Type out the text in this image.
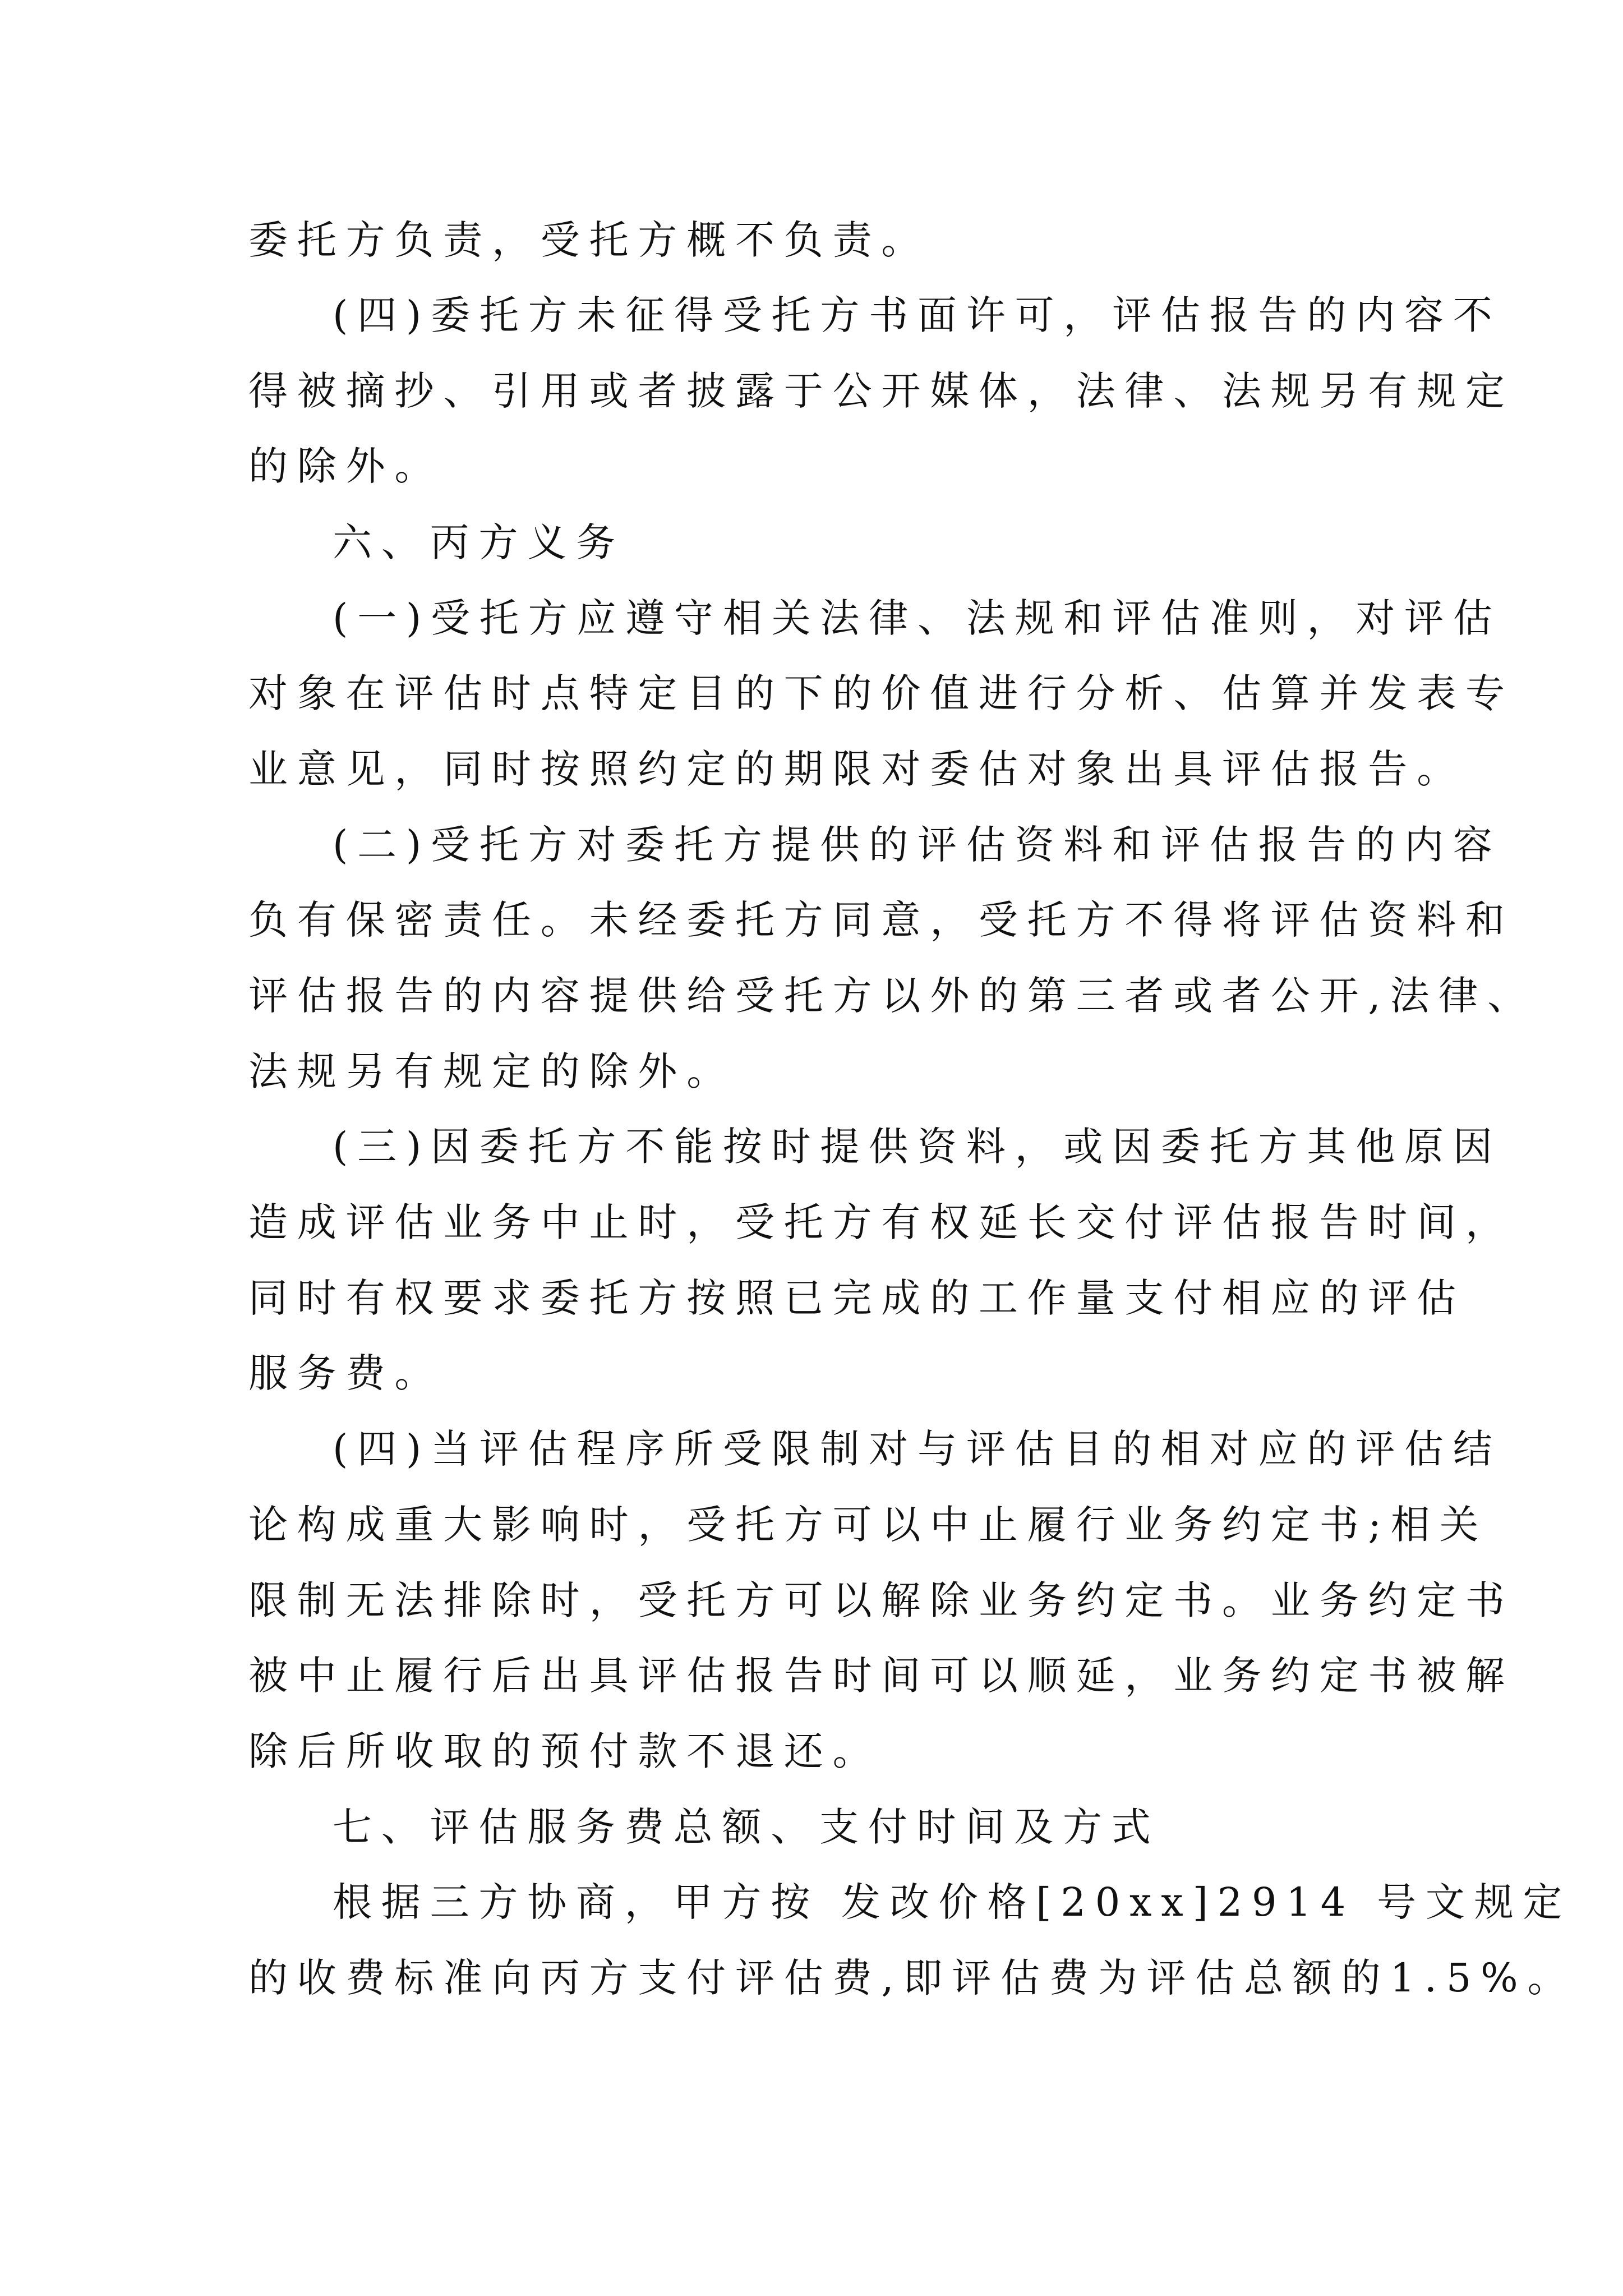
委托方负责，受托方概不负责。
(四)委托方未征得受托方书面许可，评估报告的内容不
得被摘抄、引用或者披露于公开媒体，法律、法规另有规定
的除外。
六、丙方义务
(一)受托方应遵守相关法律、法规和评估准则，对评估
对象在评估时点特定目的下的价值进行分析、估算并发表专
业意见，同时按照约定的期限对委估对象出具评估报告。
(二)受托方对委托方提供的评估资料和评估报告的内容
负有保密责任。未经委托方同意，受托方不得将评估资料和
评估报告的内容提供给受托方以外的第三者或者公开,法律、
法规另有规定的除外。
(三)因委托方不能按时提供资料，或因委托方其他原因
造成评估业务中止时，受托方有权延长交付评估报告时间，
同时有权要求委托方按照已完成的工作量支付相应的评估
服务费。
(四)当评估程序所受限制对与评估目的相对应的评估结
论构成重大影响时，受托方可以中止履行业务约定书;相关
限制无法排除时，受托方可以解除业务约定书。业务约定书
被中止履行后出具评估报告时间可以顺延，业务约定书被解
除后所收取的预付款不退还。
七、评估服务费总额、支付时间及方式
根据三方协商，甲方按 发改价格[20xx]2914 号文规定
的收费标准向丙方支付评估费,即评估费为评估总额的1.5%。
